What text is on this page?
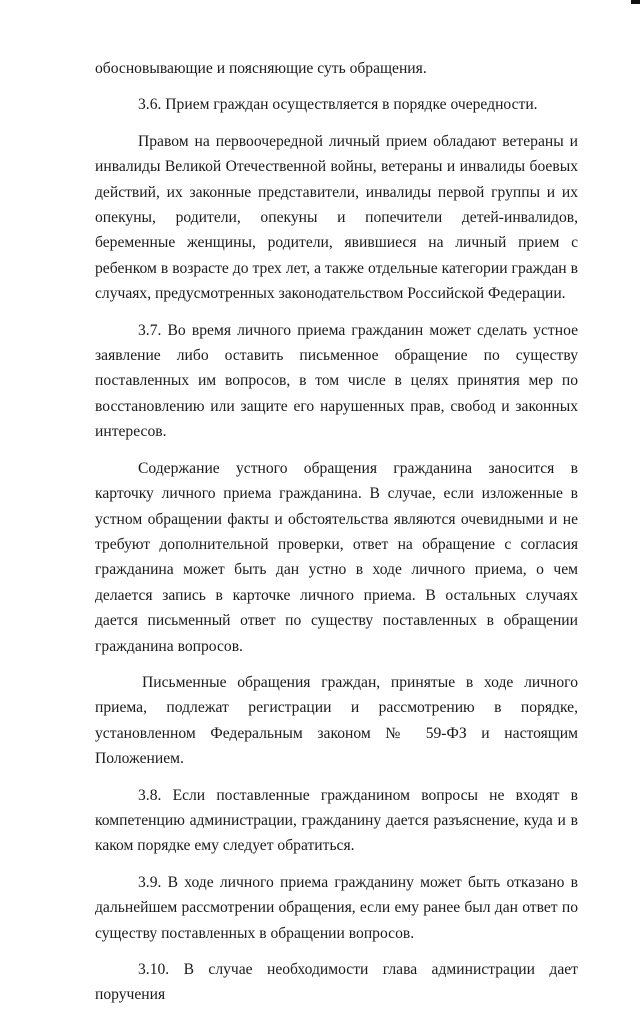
обосновывающие и поясняющие суть обращения.

3.6. Прием граждан осуществляется в порядке очередности.

Правом на первоочередной личный прием обладают ветераны и инвалиды Великой Отечественной войны, ветераны и инвалиды боевых действий, их законные представители, инвалиды первой группы и их опекуны, родители, опекуны и попечители детей-инвалидов, беременные женщины, родители, явившиеся на личный прием с ребенком в возрасте до трех лет, а также отдельные категории граждан в случаях, предусмотренных законодательством Российской Федерации.

3.7. Во время личного приема гражданин может сделать устное заявление либо оставить письменное обращение по существу поставленных им вопросов, в том числе в целях принятия мер по восстановлению или защите его нарушенных прав, свобод и законных интересов.

Содержание устного обращения гражданина заносится в карточку личного приема гражданина. В случае, если изложенные в устном обращении факты и обстоятельства являются очевидными и не требуют дополнительной проверки, ответ на обращение с согласия гражданина может быть дан устно в ходе личного приема, о чем делается запись в карточке личного приема. В остальных случаях дается письменный ответ по существу поставленных в обращении гражданина вопросов.

Письменные обращения граждан, принятые в ходе личного приема, подлежат регистрации и рассмотрению в порядке, установленном Федеральным законом № 59-ФЗ и настоящим Положением.

3.8. Если поставленные гражданином вопросы не входят в компетенцию администрации, гражданину дается разъяснение, куда и в каком порядке ему следует обратиться.

3.9. В ходе личного приема гражданину может быть отказано в дальнейшем рассмотрении обращения, если ему ранее был дан ответ по существу поставленных в обращении вопросов.

3.10. В случае необходимости глава администрации дает поручения
